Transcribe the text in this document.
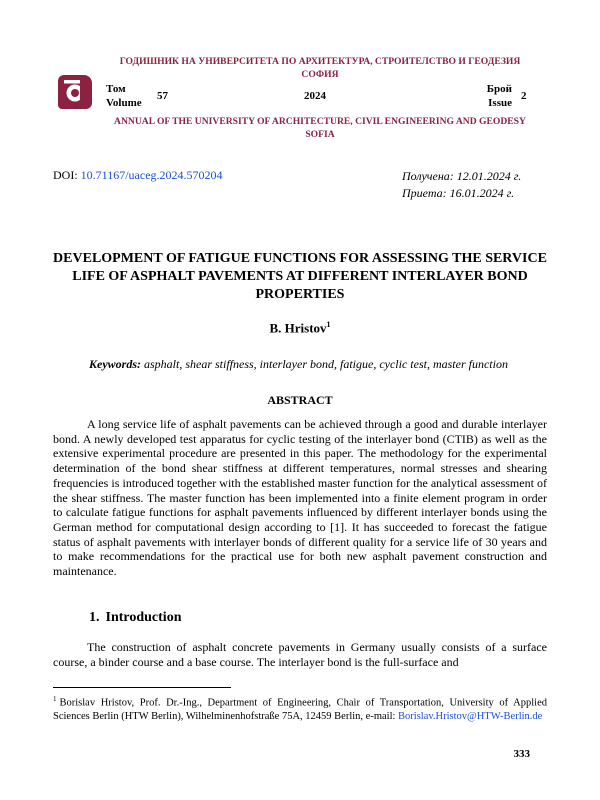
ГОДИШНИК НА УНИВЕРСИТЕТА ПО АРХИТЕКТУРА, СТРОИТЕЛСТВО И ГЕОДЕЗИЯ СОФИЯ
Том
Volume
57	2024
Брой
Issue
2
ANNUAL OF THE UNIVERSITY OF ARCHITECTURE, CIVIL ENGINEERING AND GEODESY SOFIA
DOI: 10.71167/uaceg.2024.570204	Получена: 12.01.2024 г.
Приета: 16.01.2024 г.
DEVELOPMENT OF FATIGUE FUNCTIONS FOR ASSESSING THE SERVICE LIFE OF ASPHALT PAVEMENTS AT DIFFERENT INTERLAYER BOND PROPERTIES
B. Hristov$^1$
Keywords: asphalt, shear stiffness, interlayer bond, fatigue, cyclic test, master function
ABSTRACT
A long service life of asphalt pavements can be achieved through a good and durable interlayer bond. A newly developed test apparatus for cyclic testing of the interlayer bond (CTIB) as well as the extensive experimental procedure are presented in this paper. The methodology for the experimental determination of the bond shear stiffness at different temperatures, normal stresses and shearing frequencies is introduced together with the established master function for the analytical assessment of the shear stiffness. The master function has been implemented into a finite element program in order to calculate fatigue functions for asphalt pavements influenced by different interlayer bonds using the German method for computational design according to [1]. It has succeeded to forecast the fatigue status of asphalt pavements with interlayer bonds of different quality for a service life of 30 years and to make recommendations for the practical use for both new asphalt pavement construction and maintenance.
1. Introduction
The construction of asphalt concrete pavements in Germany usually consists of a surface course, a binder course and a base course. The interlayer bond is the full-surface and
$^1$ Borislav Hristov, Prof. Dr.-Ing., Department of Engineering, Chair of Transportation, University of Applied Sciences Berlin (HTW Berlin), Wilhelminenhofstraße 75A, 12459 Berlin, e-mail: Borislav.Hristov@HTW-Berlin.de
333
